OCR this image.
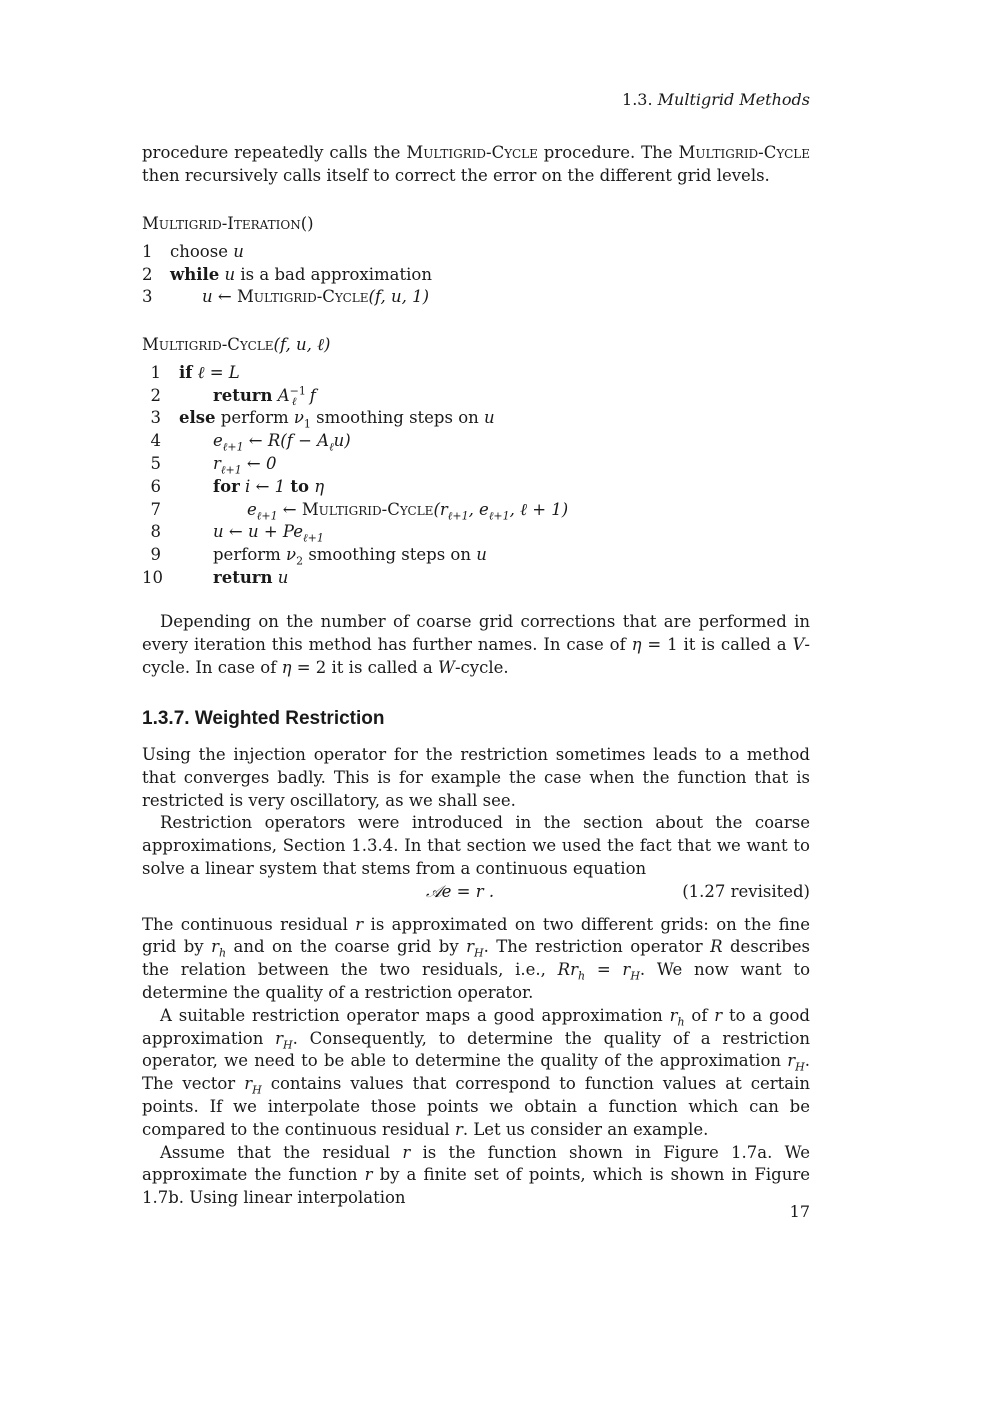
1.3. Multigrid Methods

procedure repeatedly calls the Multigrid-Cycle procedure. The Multigrid-Cycle then recursively calls itself to correct the error on the different grid levels.

Multigrid-Iteration()
1 choose u
2 while u is a bad approximation
3	u ← Multigrid-Cycle(f, u, 1)
Multigrid-Cycle(f, u, ℓ)
1 if ℓ = L
2	return $A^{-1}_\ell$ f
3 else perform $\nu_1$ smoothing steps on u
4	$e_{\ell+1}$ ← $R(f - A_\ell u)$
5	$r_{\ell+1}$ ← 0
6	for i ← 1 to η
7	$e_{\ell+1}$ ← Multigrid-$Cycle(r_{\ell+1}$, $e_{\ell+1}$, ℓ + 1)
8	u ← $u + Pe_{\ell+1}$
9	perform $\nu_2$ smoothing steps on u
10	return u

Depending on the number of coarse grid corrections that are performed in every iteration this method has further names. In case of η = 1 it is called a V-cycle. In case of η = 2 it is called a W-cycle.

1.3.7. Weighted Restriction

Using the injection operator for the restriction sometimes leads to a method that converges badly. This is for example the case when the function that is restricted is very oscillatory, as we shall see.

Restriction operators were introduced in the section about the coarse approximations, Section 1.3.4. In that section we used the fact that we want to solve a linear system that stems from a continuous equation

𝒜e = r .	(1.27 revisited)

The continuous residual r is approximated on two different grids: on the fine grid by $r_h$ and on the coarse grid by $r_H$. The restriction operator R describes the relation between the two residuals, i.e., $Rr_h = r_H$. We now want to determine the quality of a restriction operator.

A suitable restriction operator maps a good approximation $r_h$ of r to a good approximation $r_H$. Consequently, to determine the quality of a restriction operator, we need to be able to determine the quality of the approximation $r_H$. The vector $r_H$ contains values that correspond to function values at certain points. If we interpolate those points we obtain a function which can be compared to the continuous residual r. Let us consider an example.

Assume that the residual r is the function shown in Figure 1.7a. We approximate the function r by a finite set of points, which is shown in Figure 1.7b. Using linear interpolation

17
